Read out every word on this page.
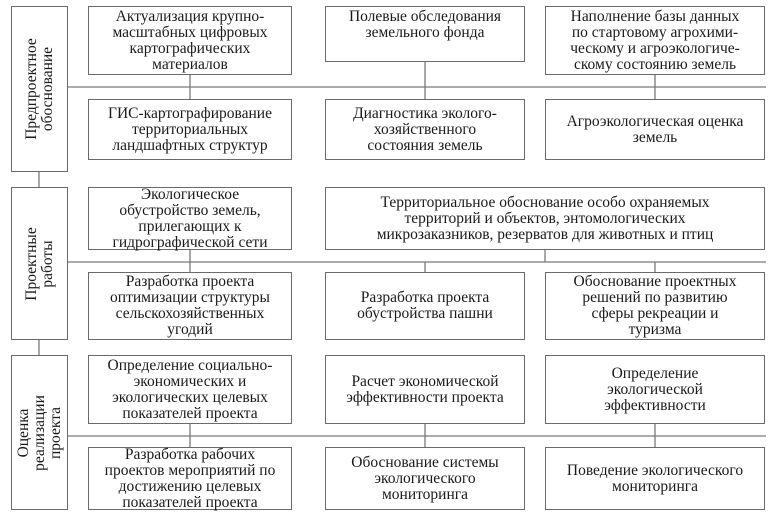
Предпроектное
обоснование
Проектные
работы
Оценка
реализации
проекта
Актуализация крупно-
масштабных цифровых
картографических
материалов
Полевые обследования
земельного фонда
Наполнение базы данных
по стартовому агрохими-
ческому и агроэкологиче-
скому состоянию земель
ГИС-картографирование
территориальных
ландшафтных структур
Диагностика эколого-
хозяйственного
состояния земель
Агроэкологическая оценка
земель
Экологическое
обустройство земель,
прилегающих к
гидрографической сети
Территориальное обоснование особо охраняемых
территорий и объектов, энтомологических
микрозаказников, резерватов для животных и птиц
Разработка проекта
оптимизации структуры
сельскохозяйственных
угодий
Разработка проекта
обустройства пашни
Обоснование проектных
решений по развитию
сферы рекреации и
туризма
Определение социально-
экономических и
экологических целевых
показателей проекта
Расчет экономической
эффективности проекта
Определение
экологической
эффективности
Разработка рабочих
проектов мероприятий по
достижению целевых
показателей проекта
Обоснование системы
экологического
мониторинга
Поведение экологического
мониторинга
